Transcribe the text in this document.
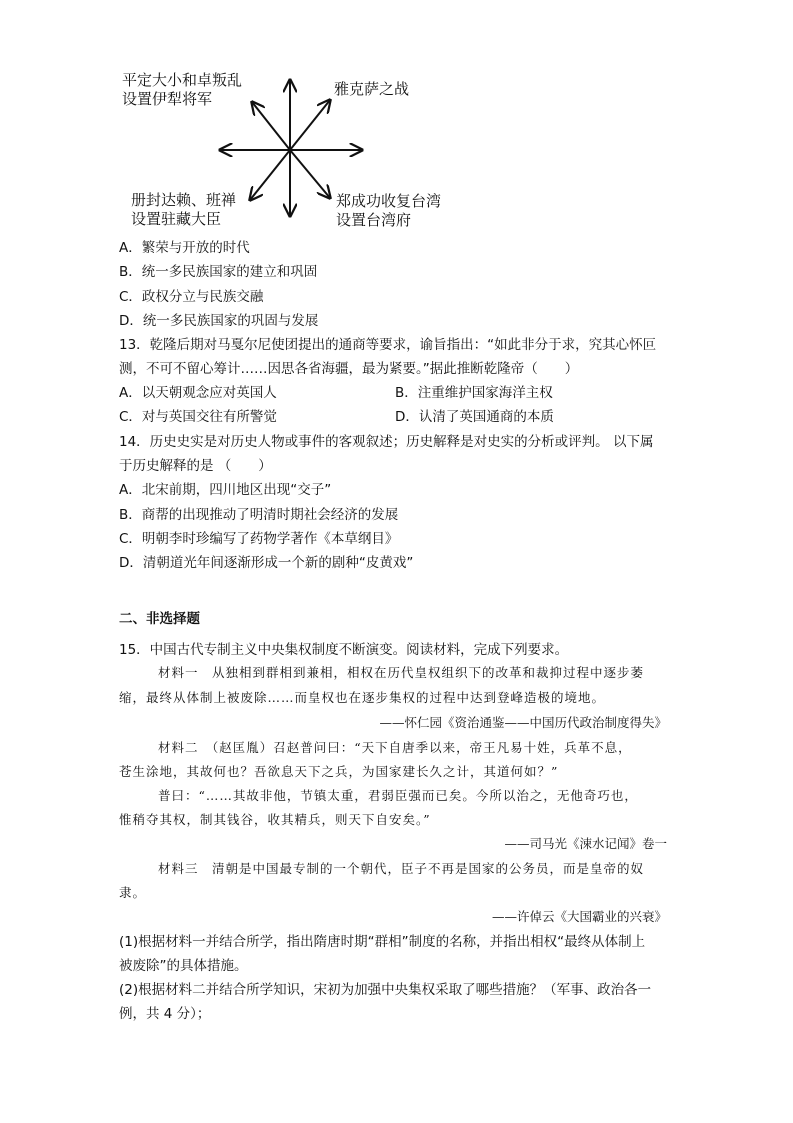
平定大小和卓叛乱
设置伊犁将军
雅克萨之战
册封达赖、班禅
设置驻藏大臣
郑成功收复台湾
设置台湾府
A．繁荣与开放的时代
B．统一多民族国家的建立和巩固
C．政权分立与民族交融
D．统一多民族国家的巩固与发展
13．乾隆后期对马戛尔尼使团提出的通商等要求，谕旨指出：“如此非分于求，究其心怀叵
测，不可不留心筹计……因思各省海疆，最为紧要。”据此推断乾隆帝（　　）
A．以天朝观念应对英国人	B．注重维护国家海洋主权
C．对与英国交往有所警觉	D．认清了英国通商的本质
14．历史史实是对历史人物或事件的客观叙述；历史解释是对史实的分析或评判。 以下属
于历史解释的是 （　　）
A．北宋前期，四川地区出现“交子”
B．商帮的出现推动了明清时期社会经济的发展
C．明朝李时珍编写了药物学著作《本草纲目》
D．清朝道光年间逐渐形成一个新的剧种“皮黄戏”
二、非选择题
15．中国古代专制主义中央集权制度不断演变。阅读材料，完成下列要求。
材料一　从独相到群相到兼相，相权在历代皇权组织下的改革和裁抑过程中逐步萎
缩，最终从体制上被废除……而皇权也在逐步集权的过程中达到登峰造极的境地。
——怀仁园《资治通鉴——中国历代政治制度得失》
材料二　（赵匡胤）召赵普问曰：“天下自唐季以来，帝王凡易十姓，兵革不息，
苍生涂地，其故何也？吾欲息天下之兵，为国家建长久之计，其道何如？”
普曰：“……其故非他，节镇太重，君弱臣强而已矣。今所以治之，无他奇巧也，
惟稍夺其权，制其钱谷，收其精兵，则天下自安矣。”
——司马光《涑水记闻》卷一
材料三　清朝是中国最专制的一个朝代，臣子不再是国家的公务员，而是皇帝的奴
隶。
——许倬云《大国霸业的兴衰》
(1)根据材料一并结合所学，指出隋唐时期“群相”制度的名称，并指出相权“最终从体制上
被废除”的具体措施。
(2)根据材料二并结合所学知识，宋初为加强中央集权采取了哪些措施？（军事、政治各一
例，共 4 分）；
